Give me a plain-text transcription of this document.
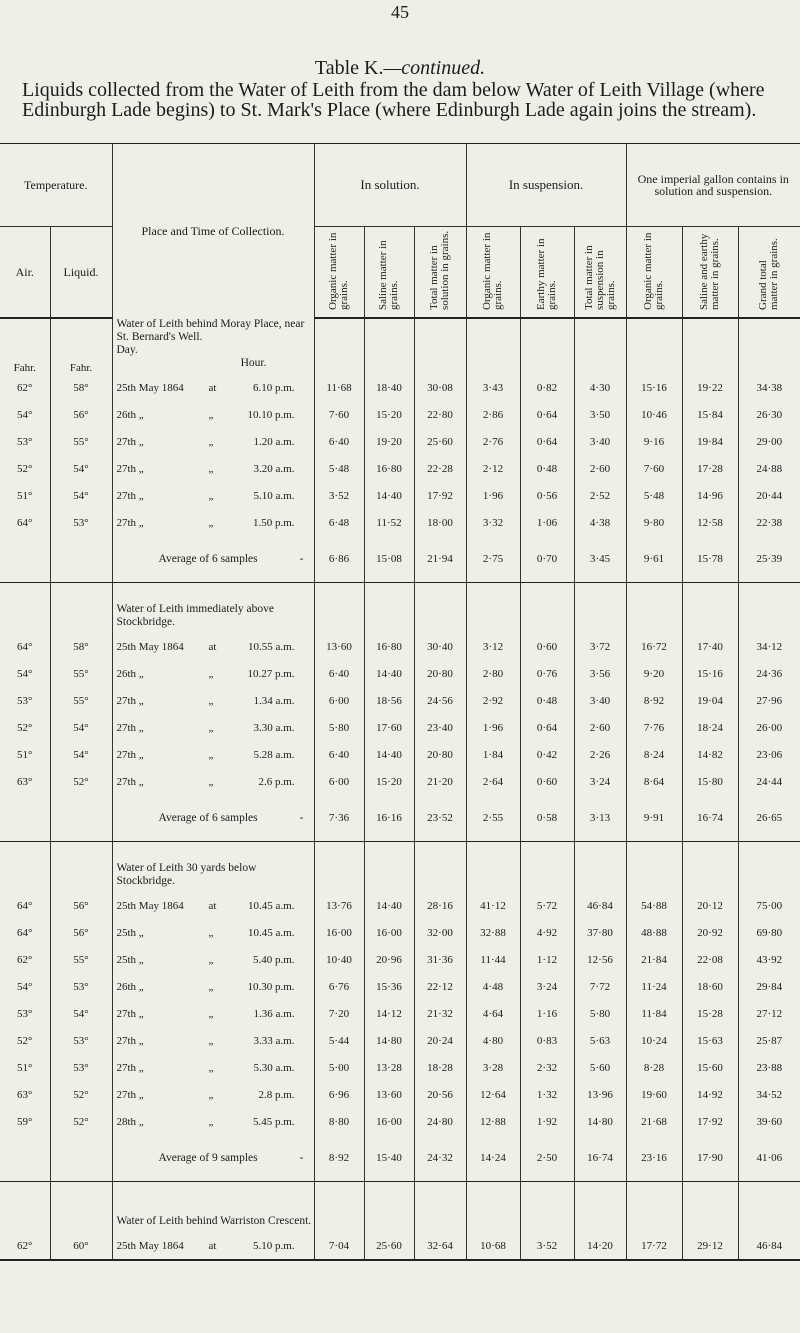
45
Table K.—continued.
Liquids collected from the Water of Leith from the dam below Water of Leith Village (where Edinburgh Lade begins) to St. Mark's Place (where Edinburgh Lade again joins the stream).
Temperature.		Place and Time of Collection.	In solution.			In suspension.			One imperial gallon contains in solution and suspension.		
Air.	Liquid.		Organic matter in grains.	Saline matter in grains.	Total matter in solution in grains.	Organic matter in grains.	Earthy matter in grains.	Total matter in suspension in grains.	Organic matter in grains.	Saline and earthy matter in grains.	Grand total matter in grains.
Fahr.	Fahr.	Water of Leith behind Moray Place, near St. Bernard's Well.
Day.Hour.									

62°	58°	25th May 1864 at 6.10 p.m.	11·68	18·40	30·08	3·43	0·82	4·30	15·16	19·22	34·38
54°	56°	26th „ „ 10.10 p.m.	7·60	15·20	22·80	2·86	0·64	3·50	10·46	15·84	26·30
53°	55°	27th „ „ 1.20 a.m.	6·40	19·20	25·60	2·76	0·64	3·40	9·16	19·84	29·00
52°	54°	27th „ „ 3.20 a.m.	5·48	16·80	22·28	2·12	0·48	2·60	7·60	17·28	24·88
51°	54°	27th „ „ 5.10 a.m.	3·52	14·40	17·92	1·96	0·56	2·52	5·48	14·96	20·44
64°	53°	27th „ „ 1.50 p.m.	6·48	11·52	18·00	3·32	1·06	4·38	9·80	12·58	22·38
		Average of 6 samples -	6·86	15·08	21·94	2·75	0·70	3·45	9·61	15·78	25·39

		Water of Leith immediately above Stockbridge.									

64°	58°	25th May 1864 at 10.55 a.m.	13·60	16·80	30·40	3·12	0·60	3·72	16·72	17·40	34·12
54°	55°	26th „ „ 10.27 p.m.	6·40	14·40	20·80	2·80	0·76	3·56	9·20	15·16	24·36
53°	55°	27th „ „ 1.34 a.m.	6·00	18·56	24·56	2·92	0·48	3·40	8·92	19·04	27·96
52°	54°	27th „ „ 3.30 a.m.	5·80	17·60	23·40	1·96	0·64	2·60	7·76	18·24	26·00
51°	54°	27th „ „ 5.28 a.m.	6·40	14·40	20·80	1·84	0·42	2·26	8·24	14·82	23·06
63°	52°	27th „ „ 2.6 p.m.	6·00	15·20	21·20	2·64	0·60	3·24	8·64	15·80	24·44
		Average of 6 samples -	7·36	16·16	23·52	2·55	0·58	3·13	9·91	16·74	26·65

		Water of Leith 30 yards below Stockbridge.									

64°	56°	25th May 1864 at 10.45 a.m.	13·76	14·40	28·16	41·12	5·72	46·84	54·88	20·12	75·00
64°	56°	25th „ „ 10.45 a.m.	16·00	16·00	32·00	32·88	4·92	37·80	48·88	20·92	69·80
62°	55°	25th „ „ 5.40 p.m.	10·40	20·96	31·36	11·44	1·12	12·56	21·84	22·08	43·92
54°	53°	26th „ „ 10.30 p.m.	6·76	15·36	22·12	4·48	3·24	7·72	11·24	18·60	29·84
53°	54°	27th „ „ 1.36 a.m.	7·20	14·12	21·32	4·64	1·16	5·80	11·84	15·28	27·12
52°	53°	27th „ „ 3.33 a.m.	5·44	14·80	20·24	4·80	0·83	5·63	10·24	15·63	25·87
51°	53°	27th „ „ 5.30 a.m.	5·00	13·28	18·28	3·28	2·32	5·60	8·28	15·60	23·88
63°	52°	27th „ „ 2.8 p.m.	6·96	13·60	20·56	12·64	1·32	13·96	19·60	14·92	34·52
59°	52°	28th „ „ 5.45 p.m.	8·80	16·00	24·80	12·88	1·92	14·80	21·68	17·92	39·60
		Average of 9 samples -	8·92	15·40	24·32	14·24	2·50	16·74	23·16	17·90	41·06

		Water of Leith behind Warriston Crescent.									

62°	60°	25th May 1864 at 5.10 p.m.	7·04	25·60	32·64	10·68	3·52	14·20	17·72	29·12	46·84
